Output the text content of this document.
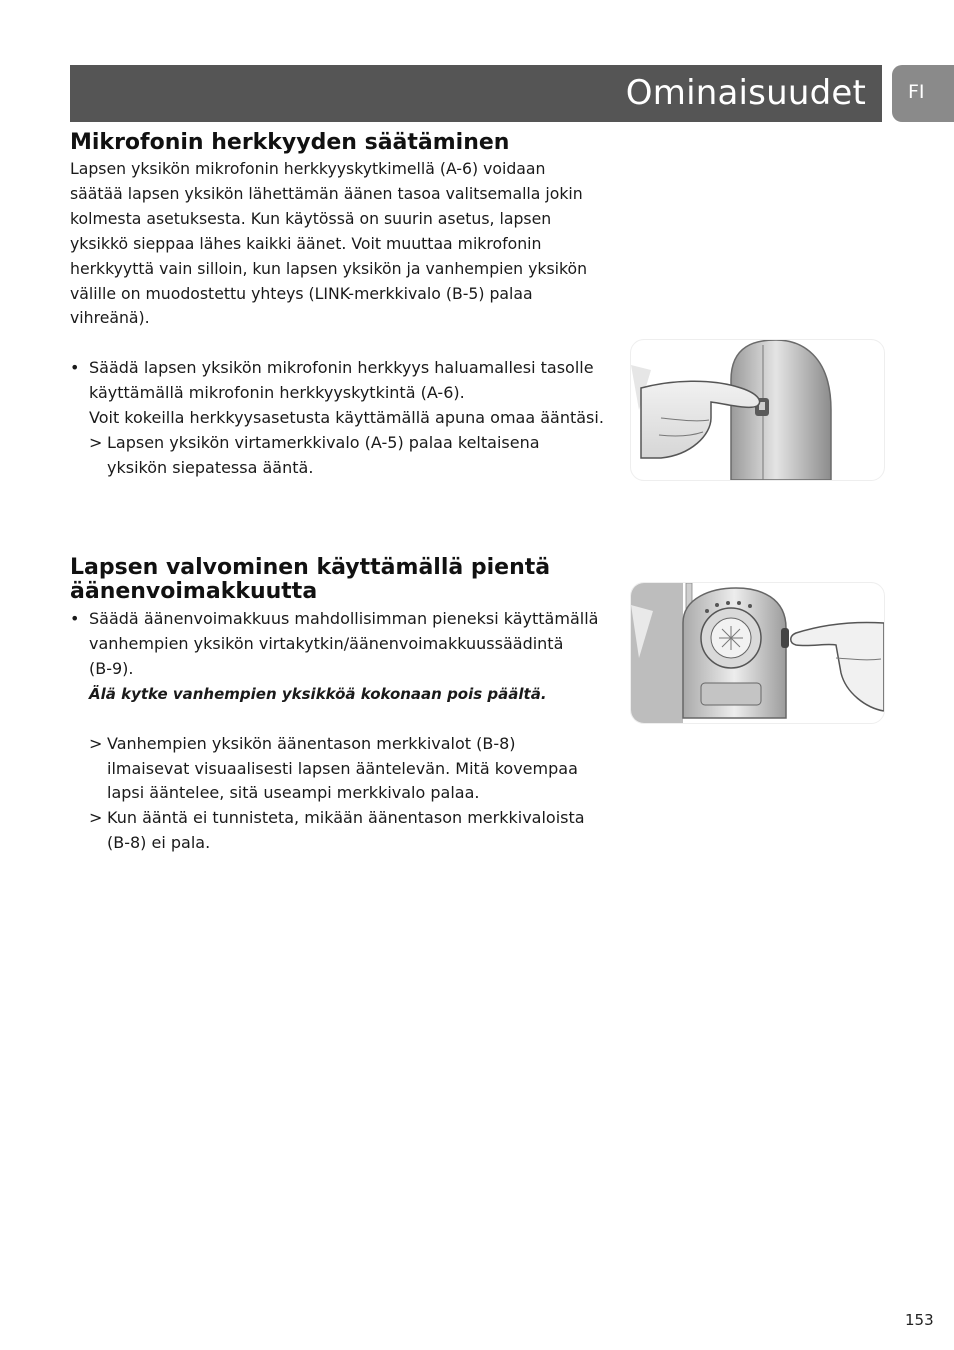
Ominaisuudet FI
Mikrofonin herkkyyden säätäminen

Lapsen yksikön mikrofonin herkkyyskytkimellä (A-6) voidaan
säätää lapsen yksikön lähettämän äänen tasoa valitsemalla jokin
kolmesta asetuksesta. Kun käytössä on suurin asetus, lapsen
yksikkö sieppaa lähes kaikki äänet. Voit muuttaa mikrofonin
herkkyyttä vain silloin, kun lapsen yksikön ja vanhempien yksikön
välille on muodostettu yhteys (LINK-merkkivalo (B-5) palaa
vihreänä).

• Säädä lapsen yksikön mikrofonin herkkyys haluamallesi tasolle
käyttämällä mikrofonin herkkyyskytkintä (A-6).
Voit kokeilla herkkyysasetusta käyttämällä apuna omaa ääntäsi.
> Lapsen yksikön virtamerkkivalo (A-5) palaa keltaisena
yksikön siepatessa ääntä.
Lapsen valvominen käyttämällä pientä
äänenvoimakkuutta
• Säädä äänenvoimakkuus mahdollisimman pieneksi käyttämällä
vanhempien yksikön virtakytkin/äänenvoimakkuussäädintä
(B-9).
Älä kytke vanhempien yksikköä kokonaan pois päältä.
> Vanhempien yksikön äänentason merkkivalot (B-8)
ilmaisevat visuaalisesti lapsen ääntelevän. Mitä kovempaa
lapsi ääntelee, sitä useampi merkkivalo palaa.
> Kun ääntä ei tunnisteta, mikään äänentason merkkivaloista
(B-8) ei pala.
153
